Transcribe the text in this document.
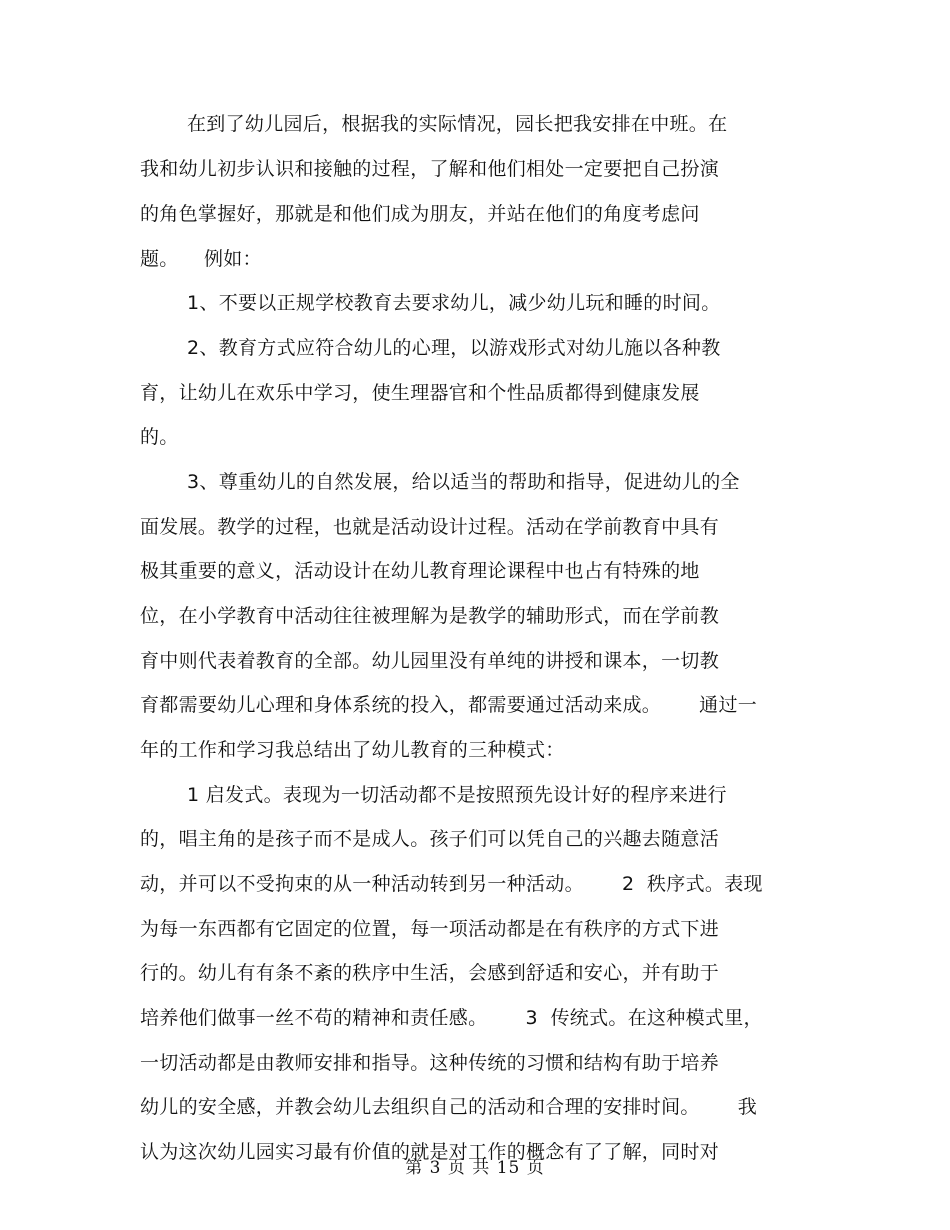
在到了幼儿园后，根据我的实际情况，园长把我安排在中班。在
我和幼儿初步认识和接触的过程，了解和他们相处一定要把自己扮演
的角色掌握好，那就是和他们成为朋友，并站在他们的角度考虑问
题。    例如：
1、不要以正规学校教育去要求幼儿，减少幼儿玩和睡的时间。
2、教育方式应符合幼儿的心理，以游戏形式对幼儿施以各种教
育，让幼儿在欢乐中学习，使生理器官和个性品质都得到健康发展
的。
3、尊重幼儿的自然发展，给以适当的帮助和指导，促进幼儿的全
面发展。教学的过程，也就是活动设计过程。活动在学前教育中具有
极其重要的意义，活动设计在幼儿教育理论课程中也占有特殊的地
位，在小学教育中活动往往被理解为是教学的辅助形式，而在学前教
育中则代表着教育的全部。幼儿园里没有单纯的讲授和课本，一切教
育都需要幼儿心理和身体系统的投入，都需要通过活动来成。      通过一
年的工作和学习我总结出了幼儿教育的三种模式：
1 启发式。表现为一切活动都不是按照预先设计好的程序来进行
的，唱主角的是孩子而不是成人。孩子们可以凭自己的兴趣去随意活
动，并可以不受拘束的从一种活动转到另一种活动。      2  秩序式。表现
为每一东西都有它固定的位置，每一项活动都是在有秩序的方式下进
行的。幼儿有有条不紊的秩序中生活，会感到舒适和安心，并有助于
培养他们做事一丝不苟的精神和责任感。      3  传统式。在这种模式里，
一切活动都是由教师安排和指导。这种传统的习惯和结构有助于培养
幼儿的安全感，并教会幼儿去组织自己的活动和合理的安排时间。      我
认为这次幼儿园实习最有价值的就是对工作的概念有了了解，同时对
第 3 页 共 15 页
